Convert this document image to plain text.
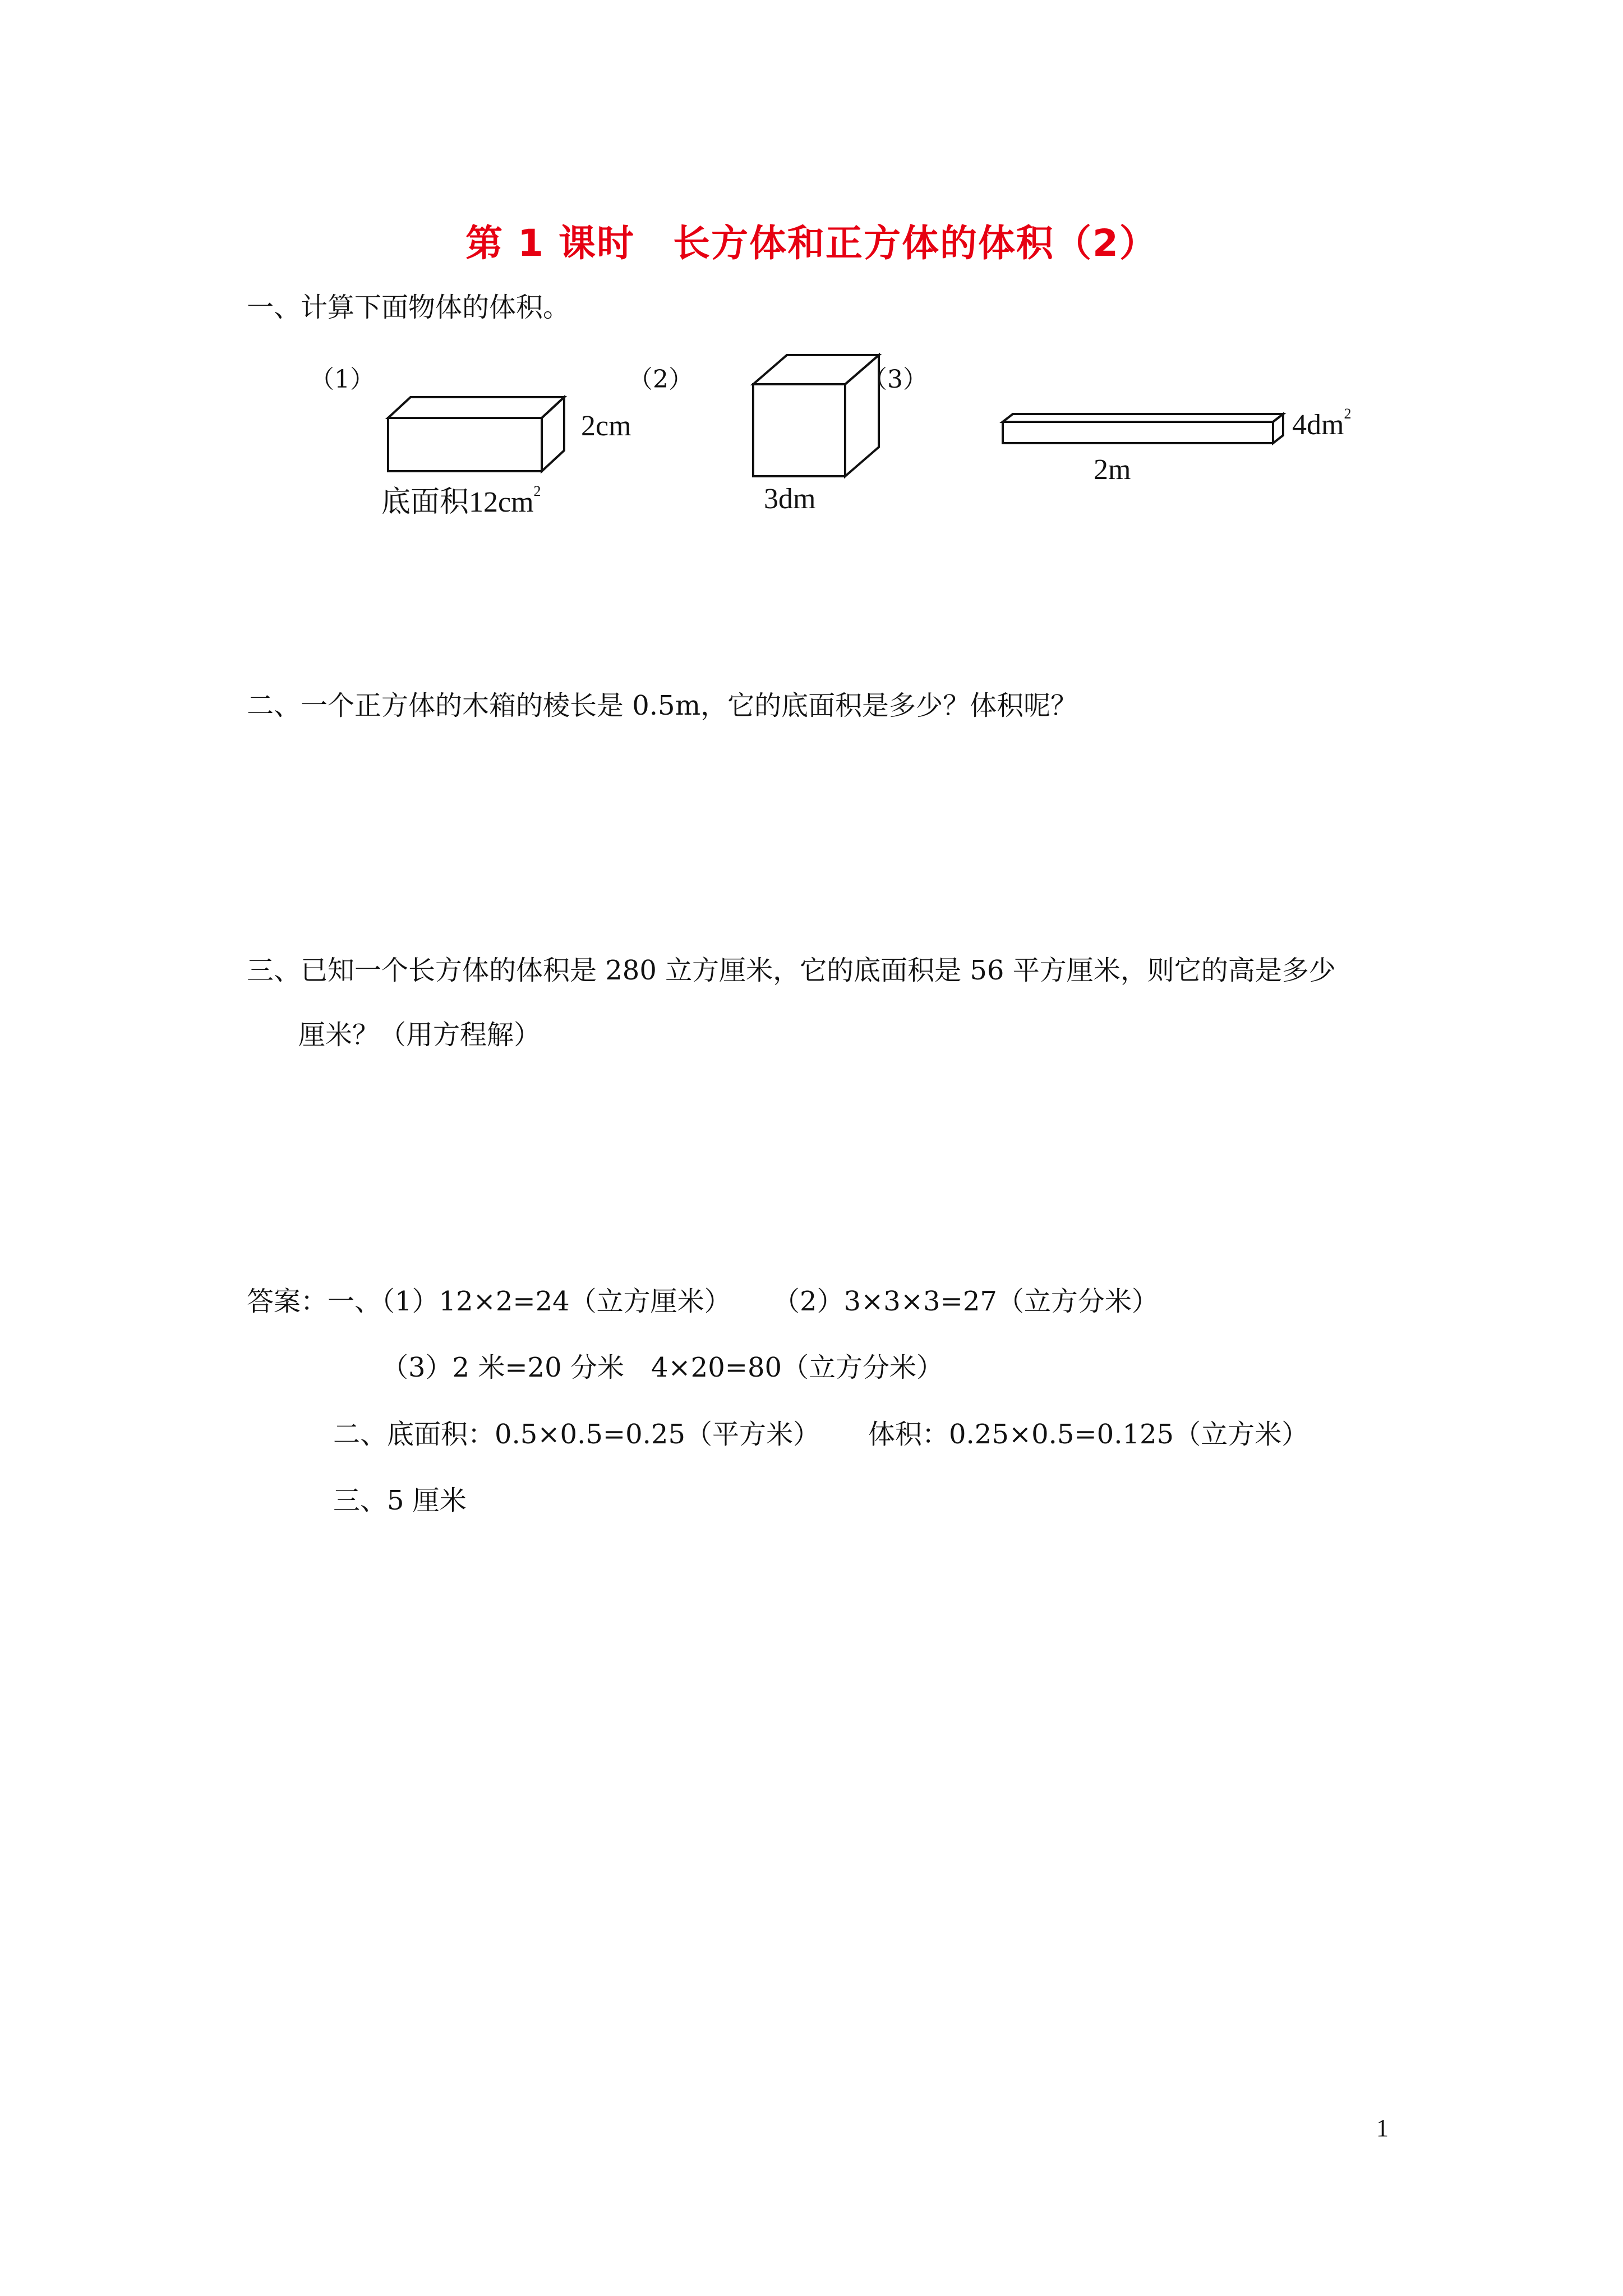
第 1 课时　长方体和正方体的体积（2）
一、计算下面物体的体积。
（1）	（2）	（3）
2cm
底面积$12cm^2$	3dm
$4dm^2$
2m
二、一个正方体的木箱的棱长是 0.5m，它的底面积是多少？体积呢？
三、已知一个长方体的体积是 280 立方厘米，它的底面积是 56 平方厘米，则它的高是多少
厘米？（用方程解）
答案：一、（1）12×2=24（立方厘米） （2）3×3×3=27（立方分米）
（3）2 米=20 分米　4×20=80（立方分米）
二、底面积：0.5×0.5=0.25（平方米） 体积：0.25×0.5=0.125（立方米）
三、5 厘米
1
